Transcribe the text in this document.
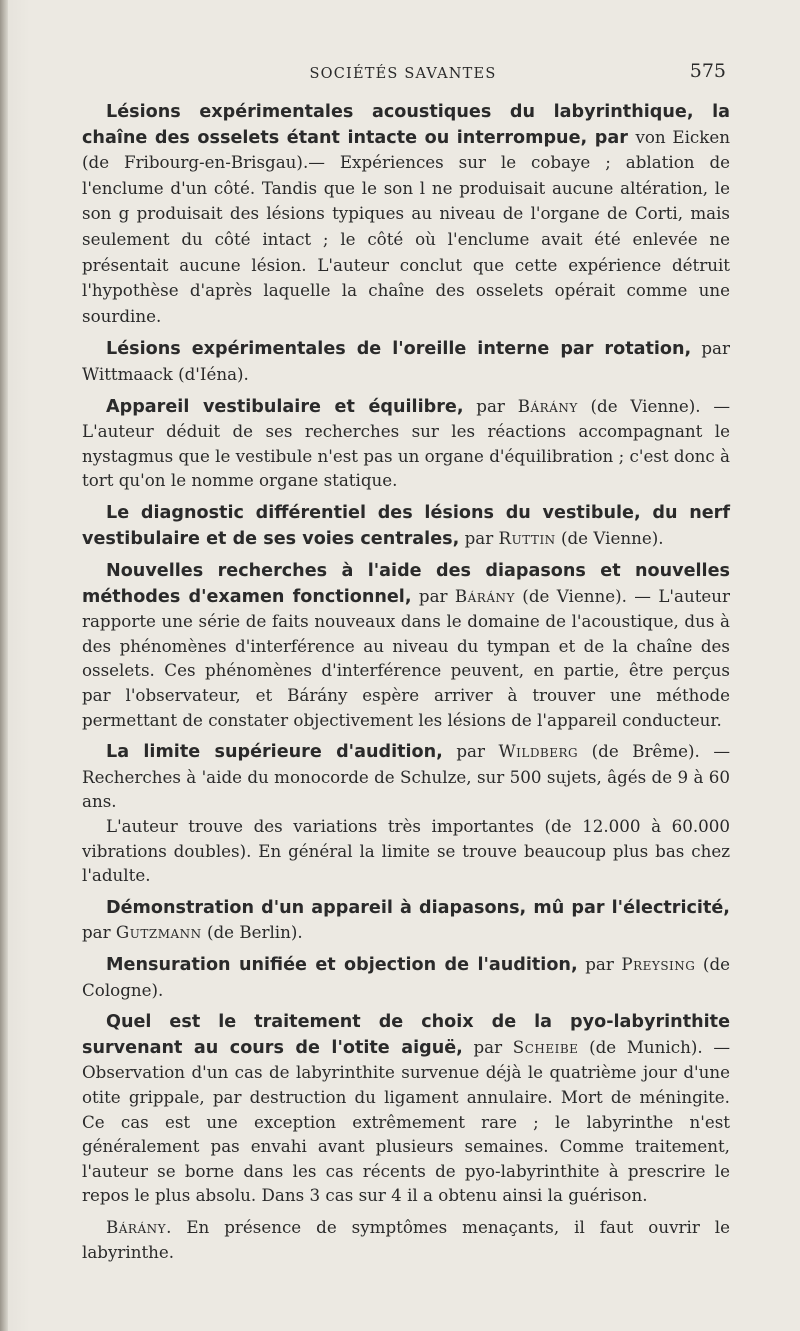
SOCIÉTÉS SAVANTES	575

Lésions expérimentales acoustiques du labyrinthique, la chaîne des osselets étant intacte ou interrompue, par von Eicken (de Fribourg-en-Brisgau).— Expériences sur le cobaye ; ablation de l'enclume d'un côté. Tandis que le son l ne produisait aucune altération, le son g produisait des lésions typiques au niveau de l'organe de Corti, mais seulement du côté intact ; le côté où l'enclume avait été enlevée ne présentait aucune lésion. L'auteur conclut que cette expérience détruit l'hypothèse d'après laquelle la chaîne des osselets opérait comme une sourdine.

Lésions expérimentales de l'oreille interne par rotation, par Wittmaack (d'Iéna).

Appareil vestibulaire et équilibre, par Bárány (de Vienne). — L'auteur déduit de ses recherches sur les réactions accompagnant le nystagmus que le vestibule n'est pas un organe d'équilibration ; c'est donc à tort qu'on le nomme organe statique.

Le diagnostic différentiel des lésions du vestibule, du nerf vestibulaire et de ses voies centrales, par Ruttin (de Vienne).

Nouvelles recherches à l'aide des diapasons et nouvelles méthodes d'examen fonctionnel, par Bárány (de Vienne). — L'auteur rapporte une série de faits nouveaux dans le domaine de l'acoustique, dus à des phénomènes d'interférence au niveau du tympan et de la chaîne des osselets. Ces phénomènes d'interférence peuvent, en partie, être perçus par l'observateur, et Bárány espère arriver à trouver une méthode permettant de constater objectivement les lésions de l'appareil conducteur.

La limite supérieure d'audition, par Wildberg (de Brême). — Recherches à 'aide du monocorde de Schulze, sur 500 sujets, âgés de 9 à 60 ans.

L'auteur trouve des variations très importantes (de 12.000 à 60.000 vibrations doubles). En général la limite se trouve beaucoup plus bas chez l'adulte.

Démonstration d'un appareil à diapasons, mû par l'électricité, par Gutzmann (de Berlin).

Mensuration unifiée et objection de l'audition, par Preysing (de Cologne).

Quel est le traitement de choix de la pyo-labyrinthite survenant au cours de l'otite aiguë, par Scheibe (de Munich). — Observation d'un cas de labyrinthite survenue déjà le quatrième jour d'une otite grippale, par destruction du ligament annulaire. Mort de méningite. Ce cas est une exception extrêmement rare ; le labyrinthe n'est généralement pas envahi avant plusieurs semaines. Comme traitement, l'auteur se borne dans les cas récents de pyo-labyrinthite à prescrire le repos le plus absolu. Dans 3 cas sur 4 il a obtenu ainsi la guérison.

Bárány. En présence de symptômes menaçants, il faut ouvrir le labyrinthe.
